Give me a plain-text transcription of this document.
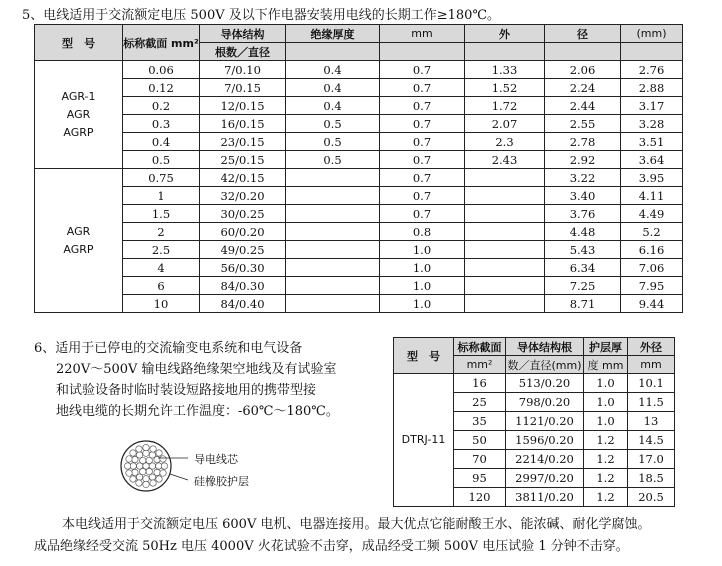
5、电线适用于交流额定电压 500V 及以下作电器安装用电线的长期工作≥180℃。
型　号	标称截面 mm²	导体结构	绝缘厚度	mm	外	径	(mm)
		根数／直径					

AGR-1
AGR
AGRP	0.06	7/0.10	0.4	0.7	1.33	2.06	2.76
	0.12	7/0.15	0.4	0.7	1.52	2.24	2.88
	0.2	12/0.15	0.4	0.7	1.72	2.44	3.17
	0.3	16/0.15	0.5	0.7	2.07	2.55	3.28
	0.4	23/0.15	0.5	0.7	2.3	2.78	3.51
	0.5	25/0.15	0.5	0.7	2.43	2.92	3.64

AGR
AGRP	0.75	42/0.15		0.7		3.22	3.95
	1	32/0.20		0.7		3.40	4.11
	1.5	30/0.25		0.7		3.76	4.49
	2	60/0.20		0.8		4.48	5.2
	2.5	49/0.25		1.0		5.43	6.16
	4	56/0.30		1.0		6.34	7.06
	6	84/0.30		1.0		7.25	7.95
	10	84/0.40		1.0		8.71	9.44
6、适用于已停电的交流输变电系统和电气设备
220V～500V 输电线路绝缘架空地线及有试验室
和试验设备时临时装设短路接地用的携带型接
地线电缆的长期允许工作温度：-60℃～180℃。
导电线芯
硅橡胶护层
型　号	标称截面	导体结构根	护层厚	外径
	mm²	数／直径(mm)	度 mm	mm
DTRJ-11	16	513/0.20	1.0	10.1
	25	798/0.20	1.0	11.5
	35	1121/0.20	1.0	13
	50	1596/0.20	1.2	14.5
	70	2214/0.20	1.2	17.0
	95	2997/0.20	1.2	18.5
	120	3811/0.20	1.2	20.5
本电线适用于交流额定电压 600V 电机、电器连接用。最大优点它能耐酸王水、能浓碱、耐化学腐蚀。
成品绝缘经受交流 50Hz 电压 4000V 火花试验不击穿，成品经受工频 500V 电压试验 1 分钟不击穿。
